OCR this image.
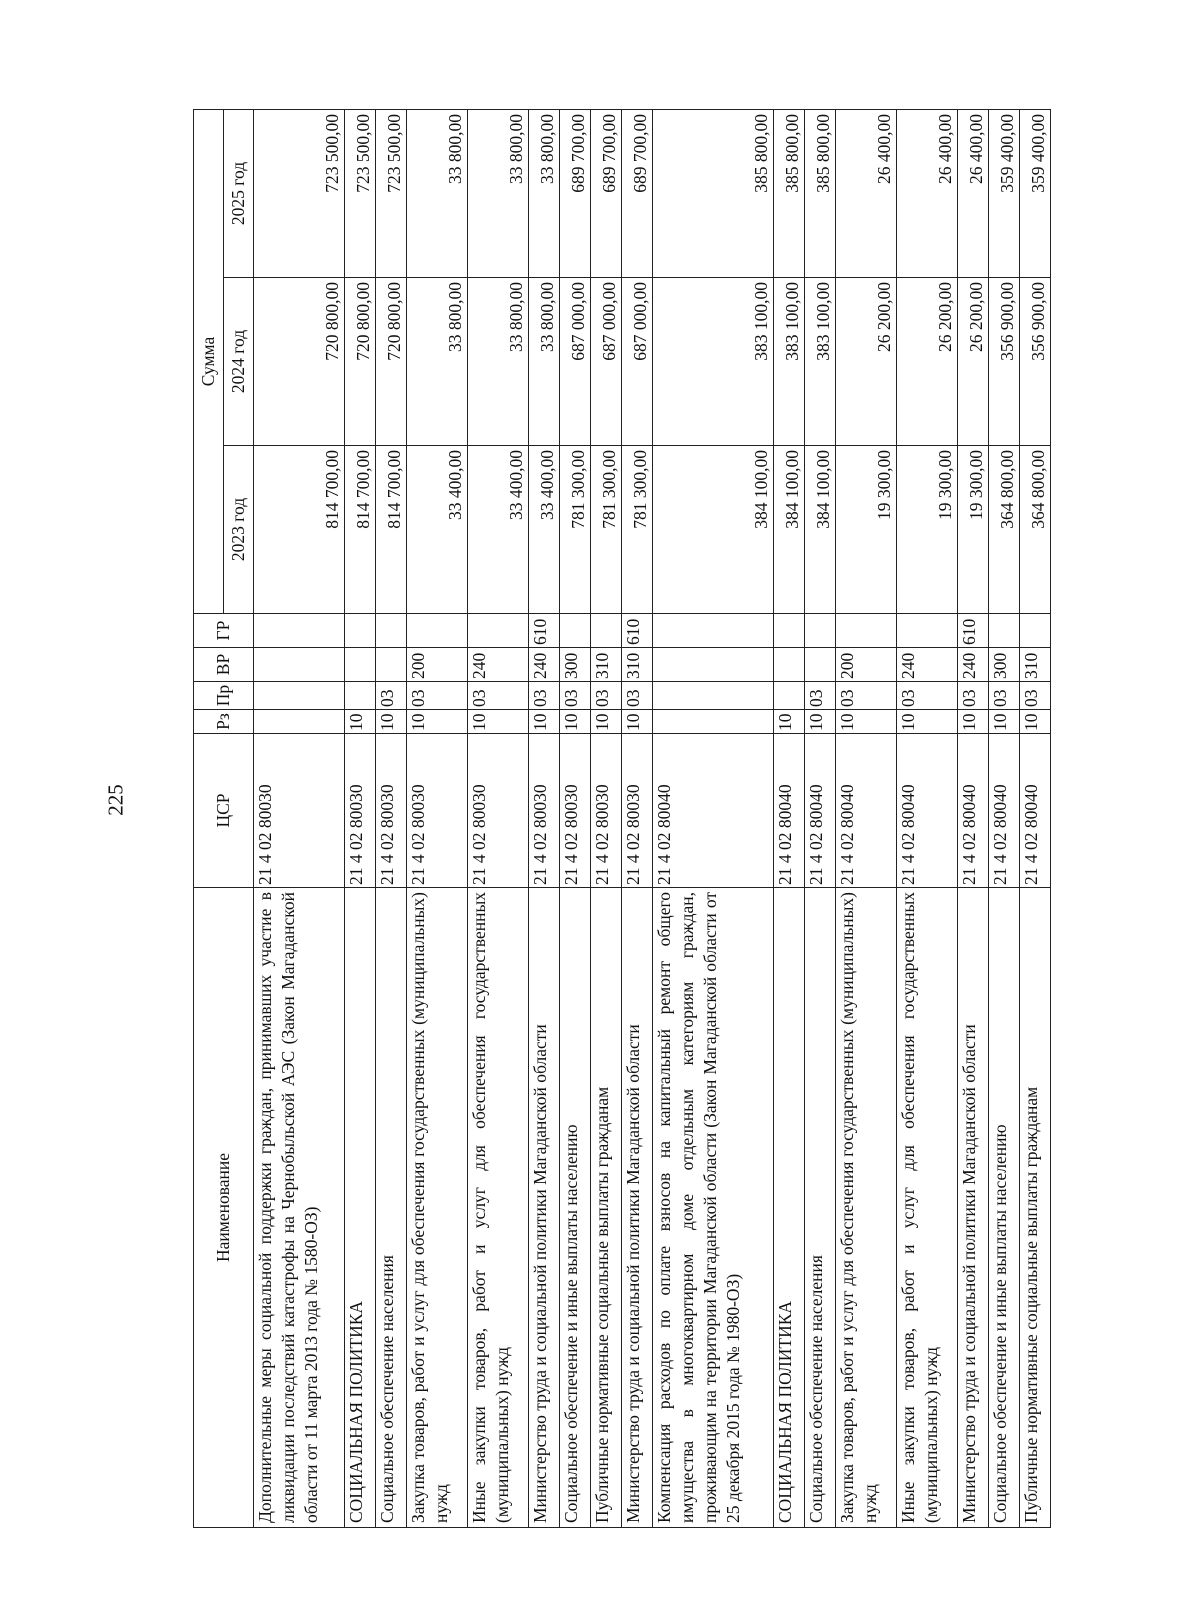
225
Наименование	ЦСР	Рз	Пр	ВР	ГР	Сумма		
						2023 год	2024 год	2025 год
Дополнительные меры социальной поддержки граждан, принимавших участие в ликвидации последствий катастрофы на Чернобыльской АЭС (Закон Магаданской области от 11 марта 2013 года № 1580-ОЗ)	21 4 02 80030					814 700,00	720 800,00	723 500,00
СОЦИАЛЬНАЯ ПОЛИТИКА	21 4 02 80030	10				814 700,00	720 800,00	723 500,00
Социальное обеспечение населения	21 4 02 80030	10	03			814 700,00	720 800,00	723 500,00
Закупка товаров, работ и услуг для обеспечения государственных (муниципальных) нужд	21 4 02 80030	10	03	200		33 400,00	33 800,00	33 800,00
Иные закупки товаров, работ и услуг для обеспечения государственных (муниципальных) нужд	21 4 02 80030	10	03	240		33 400,00	33 800,00	33 800,00
Министерство труда и социальной политики Магаданской области	21 4 02 80030	10	03	240	610	33 400,00	33 800,00	33 800,00
Социальное обеспечение и иные выплаты населению	21 4 02 80030	10	03	300		781 300,00	687 000,00	689 700,00
Публичные нормативные социальные выплаты гражданам	21 4 02 80030	10	03	310		781 300,00	687 000,00	689 700,00
Министерство труда и социальной политики Магаданской области	21 4 02 80030	10	03	310	610	781 300,00	687 000,00	689 700,00
Компенсация расходов по оплате взносов на капитальный ремонт общего имущества в многоквартирном доме отдельным категориям граждан, проживающим на территории Магаданской области (Закон Магаданской области от 25 декабря 2015 года № 1980-ОЗ)	21 4 02 80040					384 100,00	383 100,00	385 800,00
СОЦИАЛЬНАЯ ПОЛИТИКА	21 4 02 80040	10				384 100,00	383 100,00	385 800,00
Социальное обеспечение населения	21 4 02 80040	10	03			384 100,00	383 100,00	385 800,00
Закупка товаров, работ и услуг для обеспечения государственных (муниципальных) нужд	21 4 02 80040	10	03	200		19 300,00	26 200,00	26 400,00
Иные закупки товаров, работ и услуг для обеспечения государственных (муниципальных) нужд	21 4 02 80040	10	03	240		19 300,00	26 200,00	26 400,00
Министерство труда и социальной политики Магаданской области	21 4 02 80040	10	03	240	610	19 300,00	26 200,00	26 400,00
Социальное обеспечение и иные выплаты населению	21 4 02 80040	10	03	300		364 800,00	356 900,00	359 400,00
Публичные нормативные социальные выплаты гражданам	21 4 02 80040	10	03	310		364 800,00	356 900,00	359 400,00
